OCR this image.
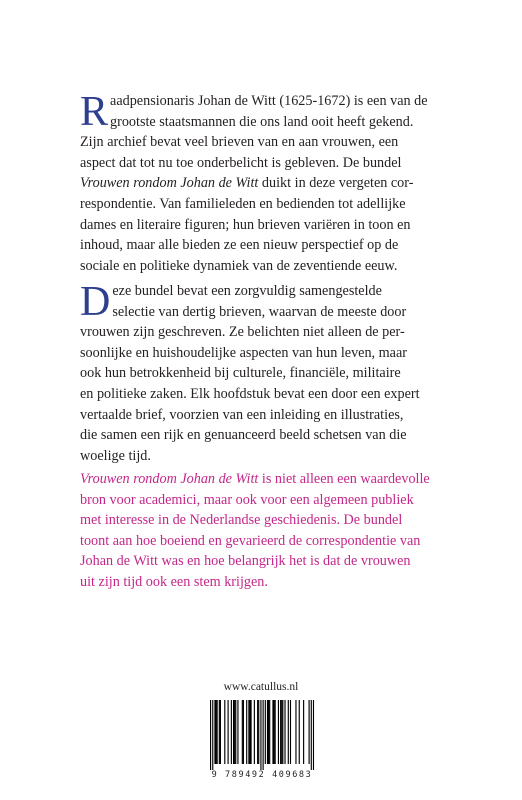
R aadpensionaris Johan de Witt (1625-1672) is een van de
grootste staatsmannen die ons land ooit heeft gekend.
Zijn archief bevat veel brieven van en aan vrouwen, een
aspect dat tot nu toe onderbelicht is gebleven. De bundel
Vrouwen rondom Johan de Witt duikt in deze vergeten cor-
respondentie. Van familieleden en bedienden tot adellijke
dames en literaire figuren; hun brieven variëren in toon en
inhoud, maar alle bieden ze een nieuw perspectief op de
sociale en politieke dynamiek van de zeventiende eeuw.

D eze bundel bevat een zorgvuldig samengestelde
selectie van dertig brieven, waarvan de meeste door
vrouwen zijn geschreven. Ze belichten niet alleen de per-
soonlijke en huishoudelijke aspecten van hun leven, maar
ook hun betrokkenheid bij culturele, financiële, militaire
en politieke zaken. Elk hoofdstuk bevat een door een expert
vertaalde brief, voorzien van een inleiding en illustraties,
die samen een rijk en genuanceerd beeld schetsen van die
woelige tijd.

Vrouwen rondom Johan de Witt is niet alleen een waardevolle
bron voor academici, maar ook voor een algemeen publiek
met interesse in de Nederlandse geschiedenis. De bundel
toont aan hoe boeiend en gevarieerd de correspondentie van
Johan de Witt was en hoe belangrijk het is dat de vrouwen
uit zijn tijd ook een stem krijgen.

www.catullus.nl

9 789492 409683
